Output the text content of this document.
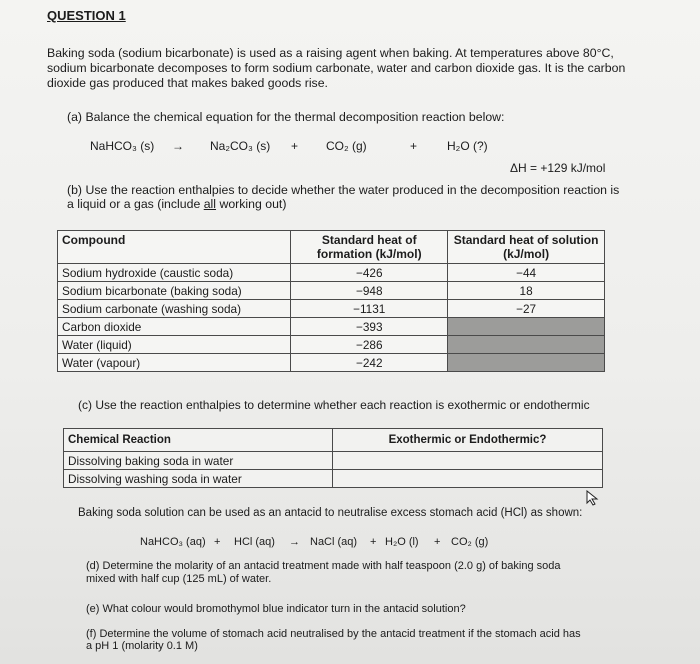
QUESTION 1
Baking soda (sodium bicarbonate) is used as a raising agent when baking. At temperatures above 80°C, sodium bicarbonate decomposes to form sodium carbonate, water and carbon dioxide gas. It is the carbon dioxide gas produced that makes baked goods rise.
(a) Balance the chemical equation for the thermal decomposition reaction below:
NaHCO₃ (s) → Na₂CO₃ (s) + CO₂ (g)	+ H₂O (?)
ΔH = +129 kJ/mol
(b) Use the reaction enthalpies to decide whether the water produced in the decomposition reaction is a liquid or a gas (include all working out)
Compound	Standard heat of formation (kJ/mol)	Standard heat of solution (kJ/mol)
Sodium hydroxide (caustic soda)	−426	−44
Sodium bicarbonate (baking soda)	−948	18
Sodium carbonate (washing soda)	−1131	−27
Carbon dioxide	−393	
Water (liquid)	−286	
Water (vapour)	−242	
(c) Use the reaction enthalpies to determine whether each reaction is exothermic or endothermic
Chemical Reaction	Exothermic or Endothermic?
Dissolving baking soda in water	
Dissolving washing soda in water	
Baking soda solution can be used as an antacid to neutralise excess stomach acid (HCl) as shown:
NaHCO₃ (aq) + HCl (aq) → NaCl (aq) + H₂O (l) + CO₂ (g)
(d) Determine the molarity of an antacid treatment made with half teaspoon (2.0 g) of baking soda mixed with half cup (125 mL) of water.
(e) What colour would bromothymol blue indicator turn in the antacid solution?
(f) Determine the volume of stomach acid neutralised by the antacid treatment if the stomach acid has a pH 1 (molarity 0.1 M)
